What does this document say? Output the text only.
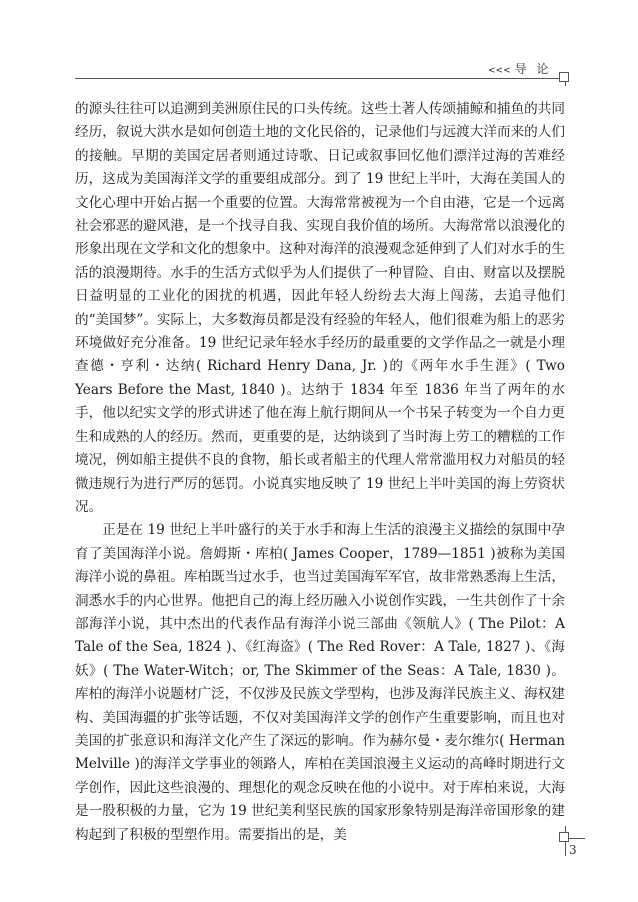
<<< 导 论

的源头往往可以追溯到美洲原住民的口头传统。这些土著人传颂捕鲸和捕鱼的共同经历，叙说大洪水是如何创造土地的文化民俗的，记录他们与远渡大洋而来的人们的接触。早期的美国定居者则通过诗歌、日记或叙事回忆他们漂洋过海的苦难经历，这成为美国海洋文学的重要组成部分。到了 19 世纪上半叶，大海在美国人的文化心理中开始占据一个重要的位置。大海常常被视为一个自由港，它是一个远离社会邪恶的避风港，是一个找寻自我、实现自我价值的场所。大海常常以浪漫化的形象出现在文学和文化的想象中。这种对海洋的浪漫观念延伸到了人们对水手的生活的浪漫期待。水手的生活方式似乎为人们提供了一种冒险、自由、财富以及摆脱日益明显的工业化的困扰的机遇，因此年轻人纷纷去大海上闯荡，去追寻他们的“美国梦”。实际上，大多数海员都是没有经验的年轻人，他们很难为船上的恶劣环境做好充分准备。19 世纪记录年轻水手经历的最重要的文学作品之一就是小理查德・亨利・达纳( Richard Henry Dana, Jr. )的《两年水手生涯》( Two Years Before the Mast, 1840 )。达纳于 1834 年至 1836 年当了两年的水手，他以纪实文学的形式讲述了他在海上航行期间从一个书呆子转变为一个自力更生和成熟的人的经历。然而，更重要的是，达纳谈到了当时海上劳工的糟糕的工作境况，例如船主提供不良的食物，船长或者船主的代理人常常滥用权力对船员的轻微违规行为进行严厉的惩罚。小说真实地反映了 19 世纪上半叶美国的海上劳资状况。

正是在 19 世纪上半叶盛行的关于水手和海上生活的浪漫主义描绘的氛围中孕育了美国海洋小说。詹姆斯・库柏( James Cooper，1789—1851 )被称为美国海洋小说的鼻祖。库柏既当过水手，也当过美国海军军官，故非常熟悉海上生活，洞悉水手的内心世界。他把自己的海上经历融入小说创作实践，一生共创作了十余部海洋小说，其中杰出的代表作品有海洋小说三部曲《领航人》( The Pilot：A Tale of the Sea, 1824 )、《红海盗》( The Red Rover：A Tale, 1827 )、《海妖》( The Water-Witch；or, The Skimmer of the Seas：A Tale, 1830 )。库柏的海洋小说题材广泛，不仅涉及民族文学型构，也涉及海洋民族主义、海权建构、美国海疆的扩张等话题，不仅对美国海洋文学的创作产生重要影响，而且也对美国的扩张意识和海洋文化产生了深远的影响。作为赫尔曼・麦尔维尔( Herman Melville )的海洋文学事业的领路人，库柏在美国浪漫主义运动的高峰时期进行文学创作，因此这些浪漫的、理想化的观念反映在他的小说中。对于库柏来说，大海是一股积极的力量，它为 19 世纪美利坚民族的国家形象特别是海洋帝国形象的建构起到了积极的型塑作用。需要指出的是，美

3
